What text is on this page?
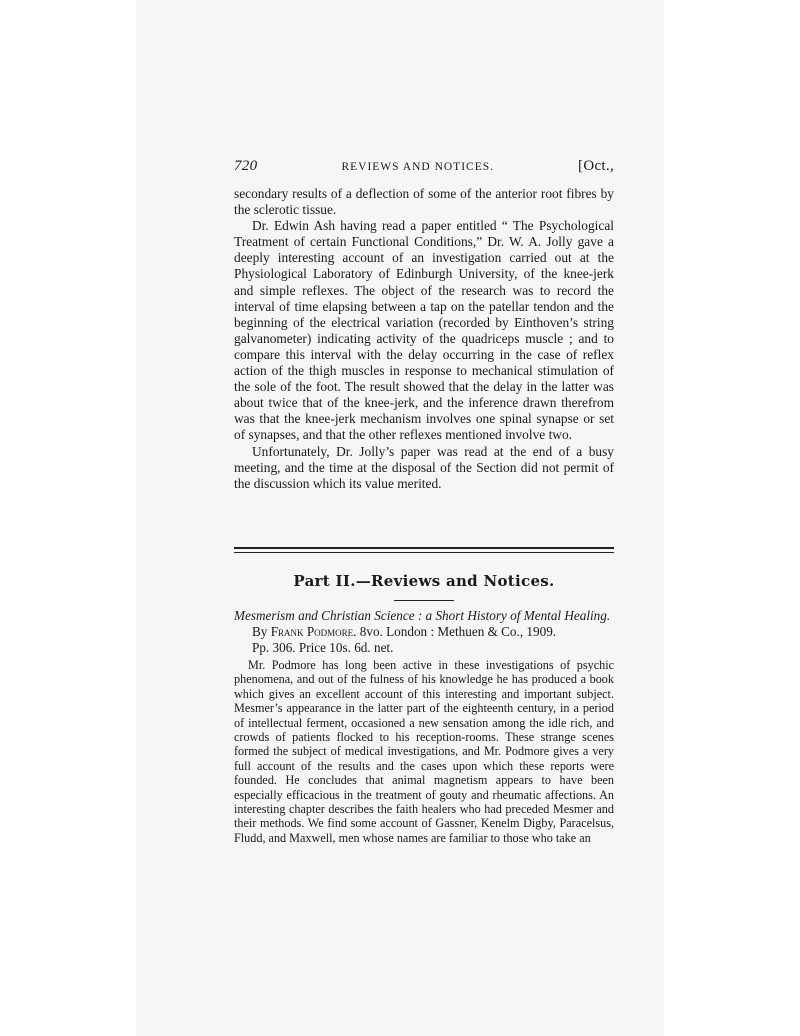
720	REVIEWS AND NOTICES.	[Oct.,

secondary results of a deflection of some of the anterior root fibres by the sclerotic tissue.

Dr. Edwin Ash having read a paper entitled “ The Psychological Treatment of certain Functional Conditions,” Dr. W. A. Jolly gave a deeply interesting account of an investigation carried out at the Physiological Laboratory of Edinburgh University, of the knee-jerk and simple reflexes. The object of the research was to record the interval of time elapsing between a tap on the patellar tendon and the beginning of the electrical variation (recorded by Einthoven’s string galvanometer) indicating activity of the quadriceps muscle ; and to compare this interval with the delay occurring in the case of reflex action of the thigh muscles in response to mechanical stimulation of the sole of the foot. The result showed that the delay in the latter was about twice that of the knee-jerk, and the inference drawn therefrom was that the knee-jerk mechanism involves one spinal synapse or set of synapses, and that the other reflexes mentioned involve two.

Unfortunately, Dr. Jolly’s paper was read at the end of a busy meeting, and the time at the disposal of the Section did not permit of the discussion which its value merited.

Part II.—Reviews and Notices.
Mesmerism and Christian Science : a Short History of Mental Healing.
By Frank Podmore. 8vo. London : Methuen & Co., 1909.
Pp. 306. Price 10s. 6d. net.

Mr. Podmore has long been active in these investigations of psychic phenomena, and out of the fulness of his knowledge he has produced a book which gives an excellent account of this interesting and important subject. Mesmer’s appearance in the latter part of the eighteenth century, in a period of intellectual ferment, occasioned a new sensation among the idle rich, and crowds of patients flocked to his reception-rooms. These strange scenes formed the subject of medical investigations, and Mr. Podmore gives a very full account of the results and the cases upon which these reports were founded. He concludes that animal magnetism appears to have been especially efficacious in the treatment of gouty and rheumatic affections. An interesting chapter describes the faith healers who had preceded Mesmer and their methods. We find some account of Gassner, Kenelm Digby, Paracelsus, Fludd, and Maxwell, men whose names are familiar to those who take an
